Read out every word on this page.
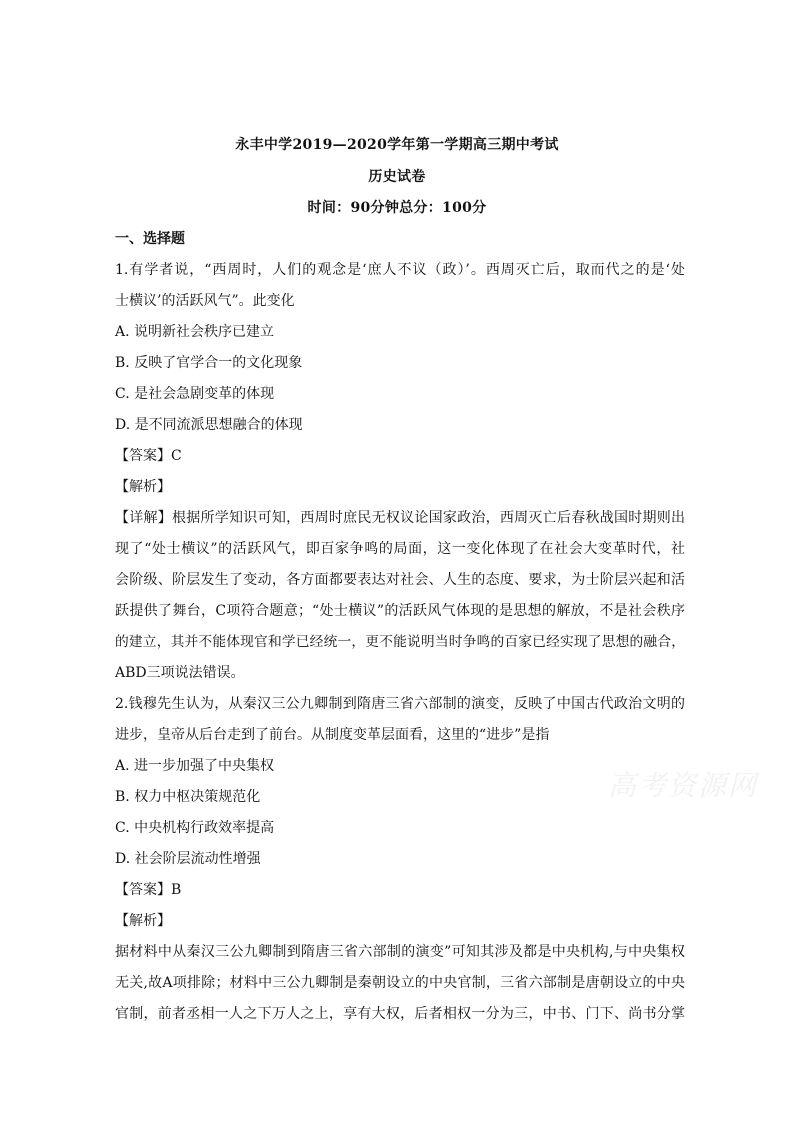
永丰中学2019—2020学年第一学期高三期中考试
历史试卷
时间：90分钟总分：100分
一、选择题
1.有学者说，“西周时，人们的观念是‘庶人不议（政）’。西周灭亡后，取而代之的是‘处
士横议’的活跃风气”。此变化
A. 说明新社会秩序已建立
B. 反映了官学合一的文化现象
C. 是社会急剧变革的体现
D. 是不同流派思想融合的体现
【答案】C
【解析】
【详解】根据所学知识可知，西周时庶民无权议论国家政治，西周灭亡后春秋战国时期则出
现了“处士横议”的活跃风气，即百家争鸣的局面，这一变化体现了在社会大变革时代，社
会阶级、阶层发生了变动，各方面都要表达对社会、人生的态度、要求，为士阶层兴起和活
跃提供了舞台，C项符合题意；“处士横议”的活跃风气体现的是思想的解放，不是社会秩序
的建立，其并不能体现官和学已经统一，更不能说明当时争鸣的百家已经实现了思想的融合，
ABD三项说法错误。
2.钱穆先生认为，从秦汉三公九卿制到隋唐三省六部制的演变，反映了中国古代政治文明的
进步，皇帝从后台走到了前台。从制度变革层面看，这里的“进步”是指
A. 进一步加强了中央集权
B. 权力中枢决策规范化
C. 中央机构行政效率提高
D. 社会阶层流动性增强
【答案】B
【解析】
据材料中从秦汉三公九卿制到隋唐三省六部制的演变”可知其涉及都是中央机构,与中央集权
无关,故A项排除；材料中三公九卿制是秦朝设立的中央官制，三省六部制是唐朝设立的中央
官制，前者丞相一人之下万人之上，享有大权，后者相权一分为三，中书、门下、尚书分掌
高考资源网
